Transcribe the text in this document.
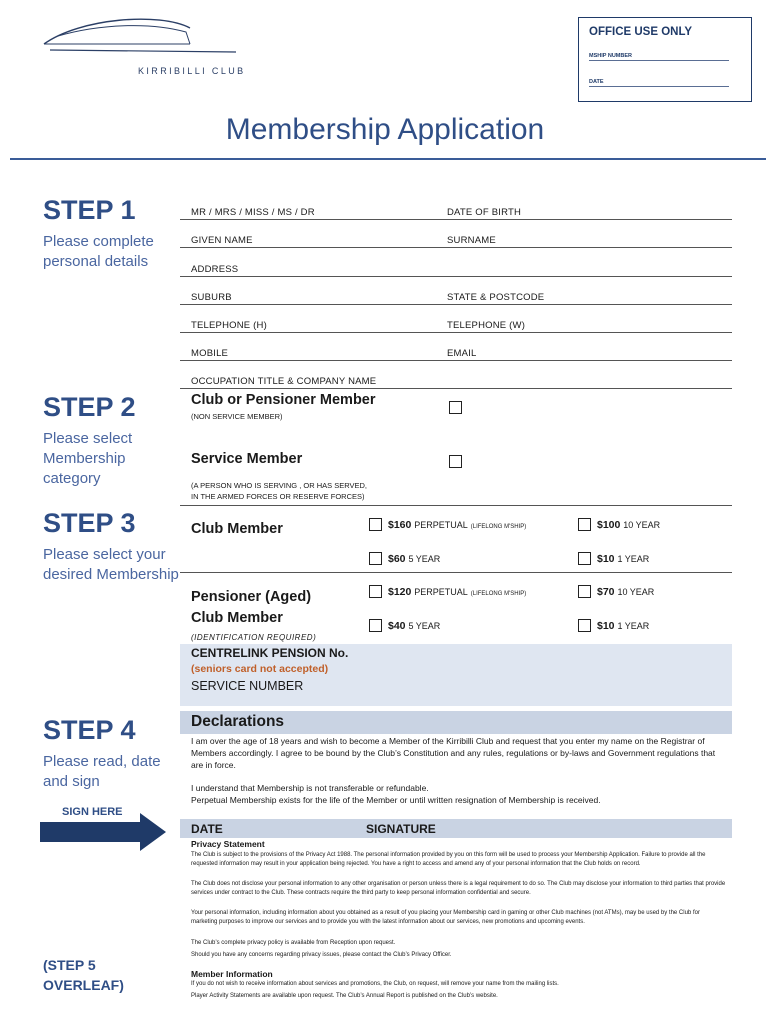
KIRRIBILLI CLUB
OFFICE USE ONLY
MSHIP NUMBER
DATE
Membership Application
STEP 1
Please complete personal details
MR / MRS / MISS / MS / DR	DATE OF BIRTH
GIVEN NAME	SURNAME
ADDRESS
SUBURB	STATE & POSTCODE
TELEPHONE (H)	TELEPHONE (W)
MOBILE	EMAIL
OCCUPATION TITLE & COMPANY NAME
STEP 2
Please select Membership category
Club or Pensioner Member
(NON SERVICE MEMBER)
Service Member
(A PERSON WHO IS SERVING , OR HAS SERVED,
IN THE ARMED FORCES OR RESERVE FORCES)
STEP 3
Please select your desired Membership
Club Member	$160 PERPETUAL (LIFELONG M'SHIP)	$100 10 YEAR
$60 5 YEAR	$10 1 YEAR
Pensioner (Aged)
Club Member
(IDENTIFICATION REQUIRED)
$120 PERPETUAL (LIFELONG M'SHIP)	$70 10 YEAR
$40 5 YEAR	$10 1 YEAR
CENTRELINK PENSION No.
(seniors card not accepted)
SERVICE NUMBER
STEP 4
Please read, date and sign
Declarations
I am over the age of 18 years and wish to become a Member of the Kirribilli Club and request that you enter my name on the Registrar of Members accordingly. I agree to be bound by the Club’s Constitution and any rules, regulations or by-laws and Government regulations that are in force.
I understand that Membership is not transferable or refundable.
Perpetual Membership exists for the life of the Member or until written resignation of Membership is received.
SIGN HERE
DATE	SIGNATURE
Privacy Statement
The Club is subject to the provisions of the Privacy Act 1988. The personal information provided by you on this form will be used to process your Membership Application. Failure to provide all the requested information may result in your application being rejected. You have a right to access and amend any of your personal information that the Club holds on record.
The Club does not disclose your personal information to any other organisation or person unless there is a legal requirement to do so. The Club may disclose your information to third parties that provide services under contract to the Club. These contracts require the third party to keep personal information confidential and secure.
Your personal information, including information about you obtained as a result of you placing your Membership card in gaming or other Club machines (not ATMs), may be used by the Club for marketing purposes to improve our services and to provide you with the latest information about our services, new promotions and upcoming events.
The Club’s complete privacy policy is available from Reception upon request.
Should you have any concerns regarding privacy issues, please contact the Club’s Privacy Officer.
Member Information
If you do not wish to receive information about services and promotions, the Club, on request, will remove your name from the mailing lists.
Player Activity Statements are available upon request. The Club’s Annual Report is published on the Club’s website.
(STEP 5
OVERLEAF)
